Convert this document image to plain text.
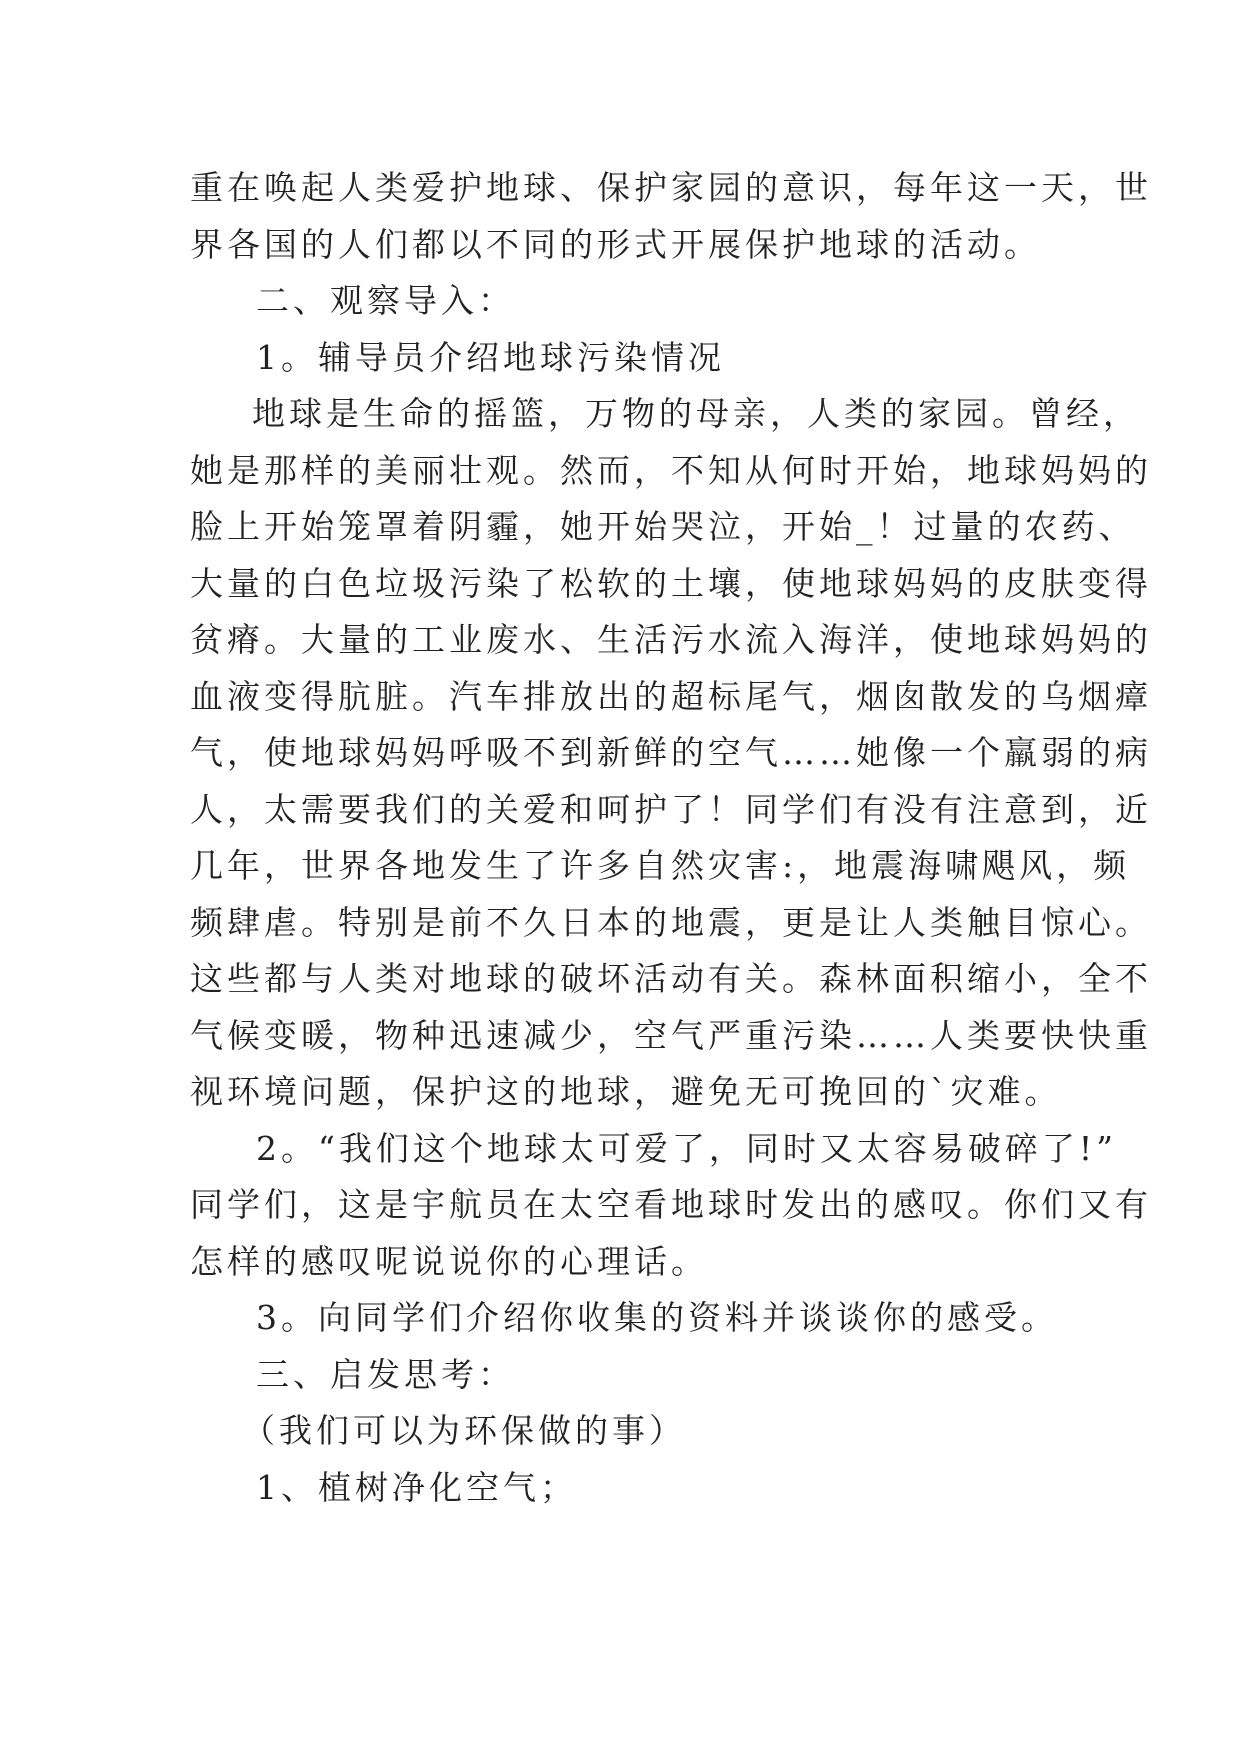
重在唤起人类爱护地球、保护家园的意识，每年这一天，世
界各国的人们都以不同的形式开展保护地球的活动。
二、观察导入：
1。辅导员介绍地球污染情况
地球是生命的摇篮，万物的母亲，人类的家园。曾经，
她是那样的美丽壮观。然而，不知从何时开始，地球妈妈的
脸上开始笼罩着阴霾，她开始哭泣，开始_！过量的农药、
大量的白色垃圾污染了松软的土壤，使地球妈妈的皮肤变得
贫瘠。大量的工业废水、生活污水流入海洋，使地球妈妈的
血液变得肮脏。汽车排放出的超标尾气，烟囱散发的乌烟瘴
气，使地球妈妈呼吸不到新鲜的空气……她像一个羸弱的病
人，太需要我们的关爱和呵护了！同学们有没有注意到，近
几年，世界各地发生了许多自然灾害:，地震海啸飓风，频
频肆虐。特别是前不久日本的地震，更是让人类触目惊心。
这些都与人类对地球的破坏活动有关。森林面积缩小，全不
气候变暖，物种迅速减少，空气严重污染……人类要快快重
视环境问题，保护这的地球，避免无可挽回的`灾难。
2。“我们这个地球太可爱了，同时又太容易破碎了!”
同学们，这是宇航员在太空看地球时发出的感叹。你们又有
怎样的感叹呢说说你的心理话。
3。向同学们介绍你收集的资料并谈谈你的感受。
三、启发思考：
（我们可以为环保做的事）
1、植树净化空气；
